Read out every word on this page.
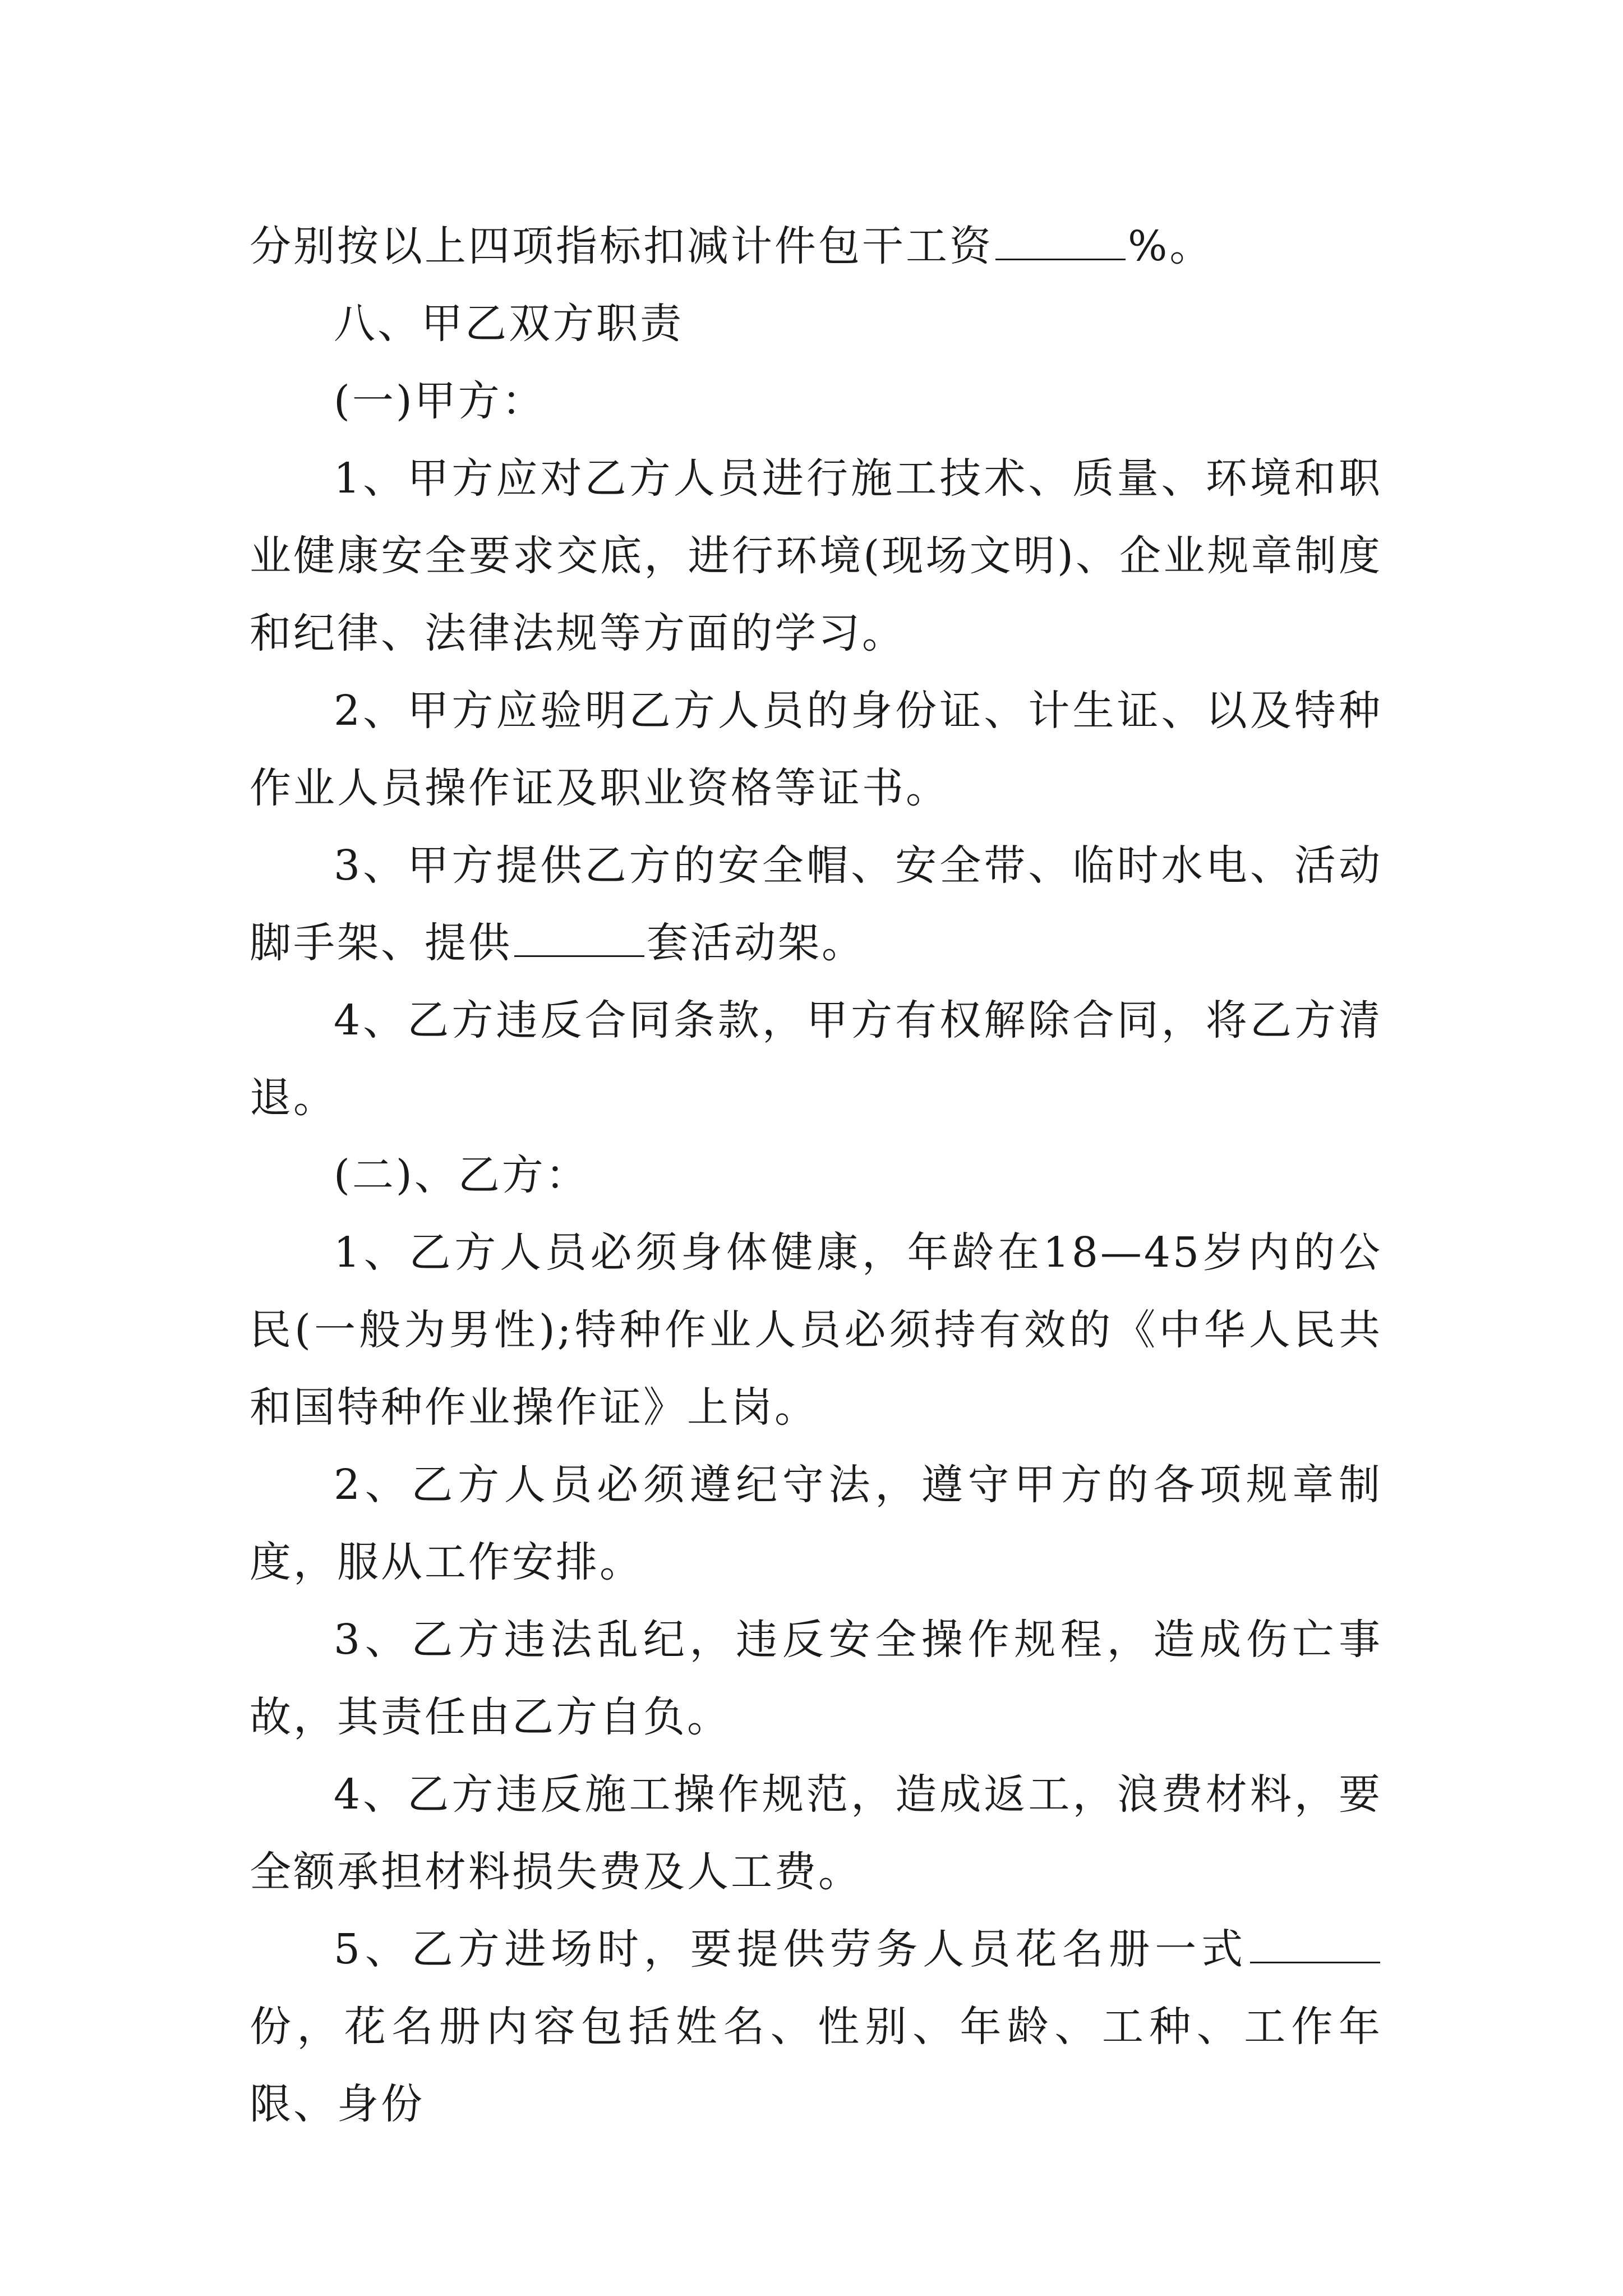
分别按以上四项指标扣减计件包干工资	%。

八、甲乙双方职责

(一)甲方：

1、甲方应对乙方人员进行施工技术、质量、环境和职业健康安全要求交底，进行环境(现场文明)、企业规章制度和纪律、法律法规等方面的学习。

2、甲方应验明乙方人员的身份证、计生证、以及特种作业人员操作证及职业资格等证书。

3、甲方提供乙方的安全帽、安全带、临时水电、活动脚手架、提供	套活动架。

4、乙方违反合同条款，甲方有权解除合同，将乙方清退。

(二)、乙方：

1、乙方人员必须身体健康，年龄在18—45岁内的公民(一般为男性);特种作业人员必须持有效的《中华人民共和国特种作业操作证》上岗。

2、乙方人员必须遵纪守法，遵守甲方的各项规章制度，服从工作安排。

3、乙方违法乱纪，违反安全操作规程，造成伤亡事故，其责任由乙方自负。

4、乙方违反施工操作规范，造成返工，浪费材料，要全额承担材料损失费及人工费。

5、乙方进场时，要提供劳务人员花名册一式份，花名册内容包括姓名、性别、年龄、工种、工作年限、身份
